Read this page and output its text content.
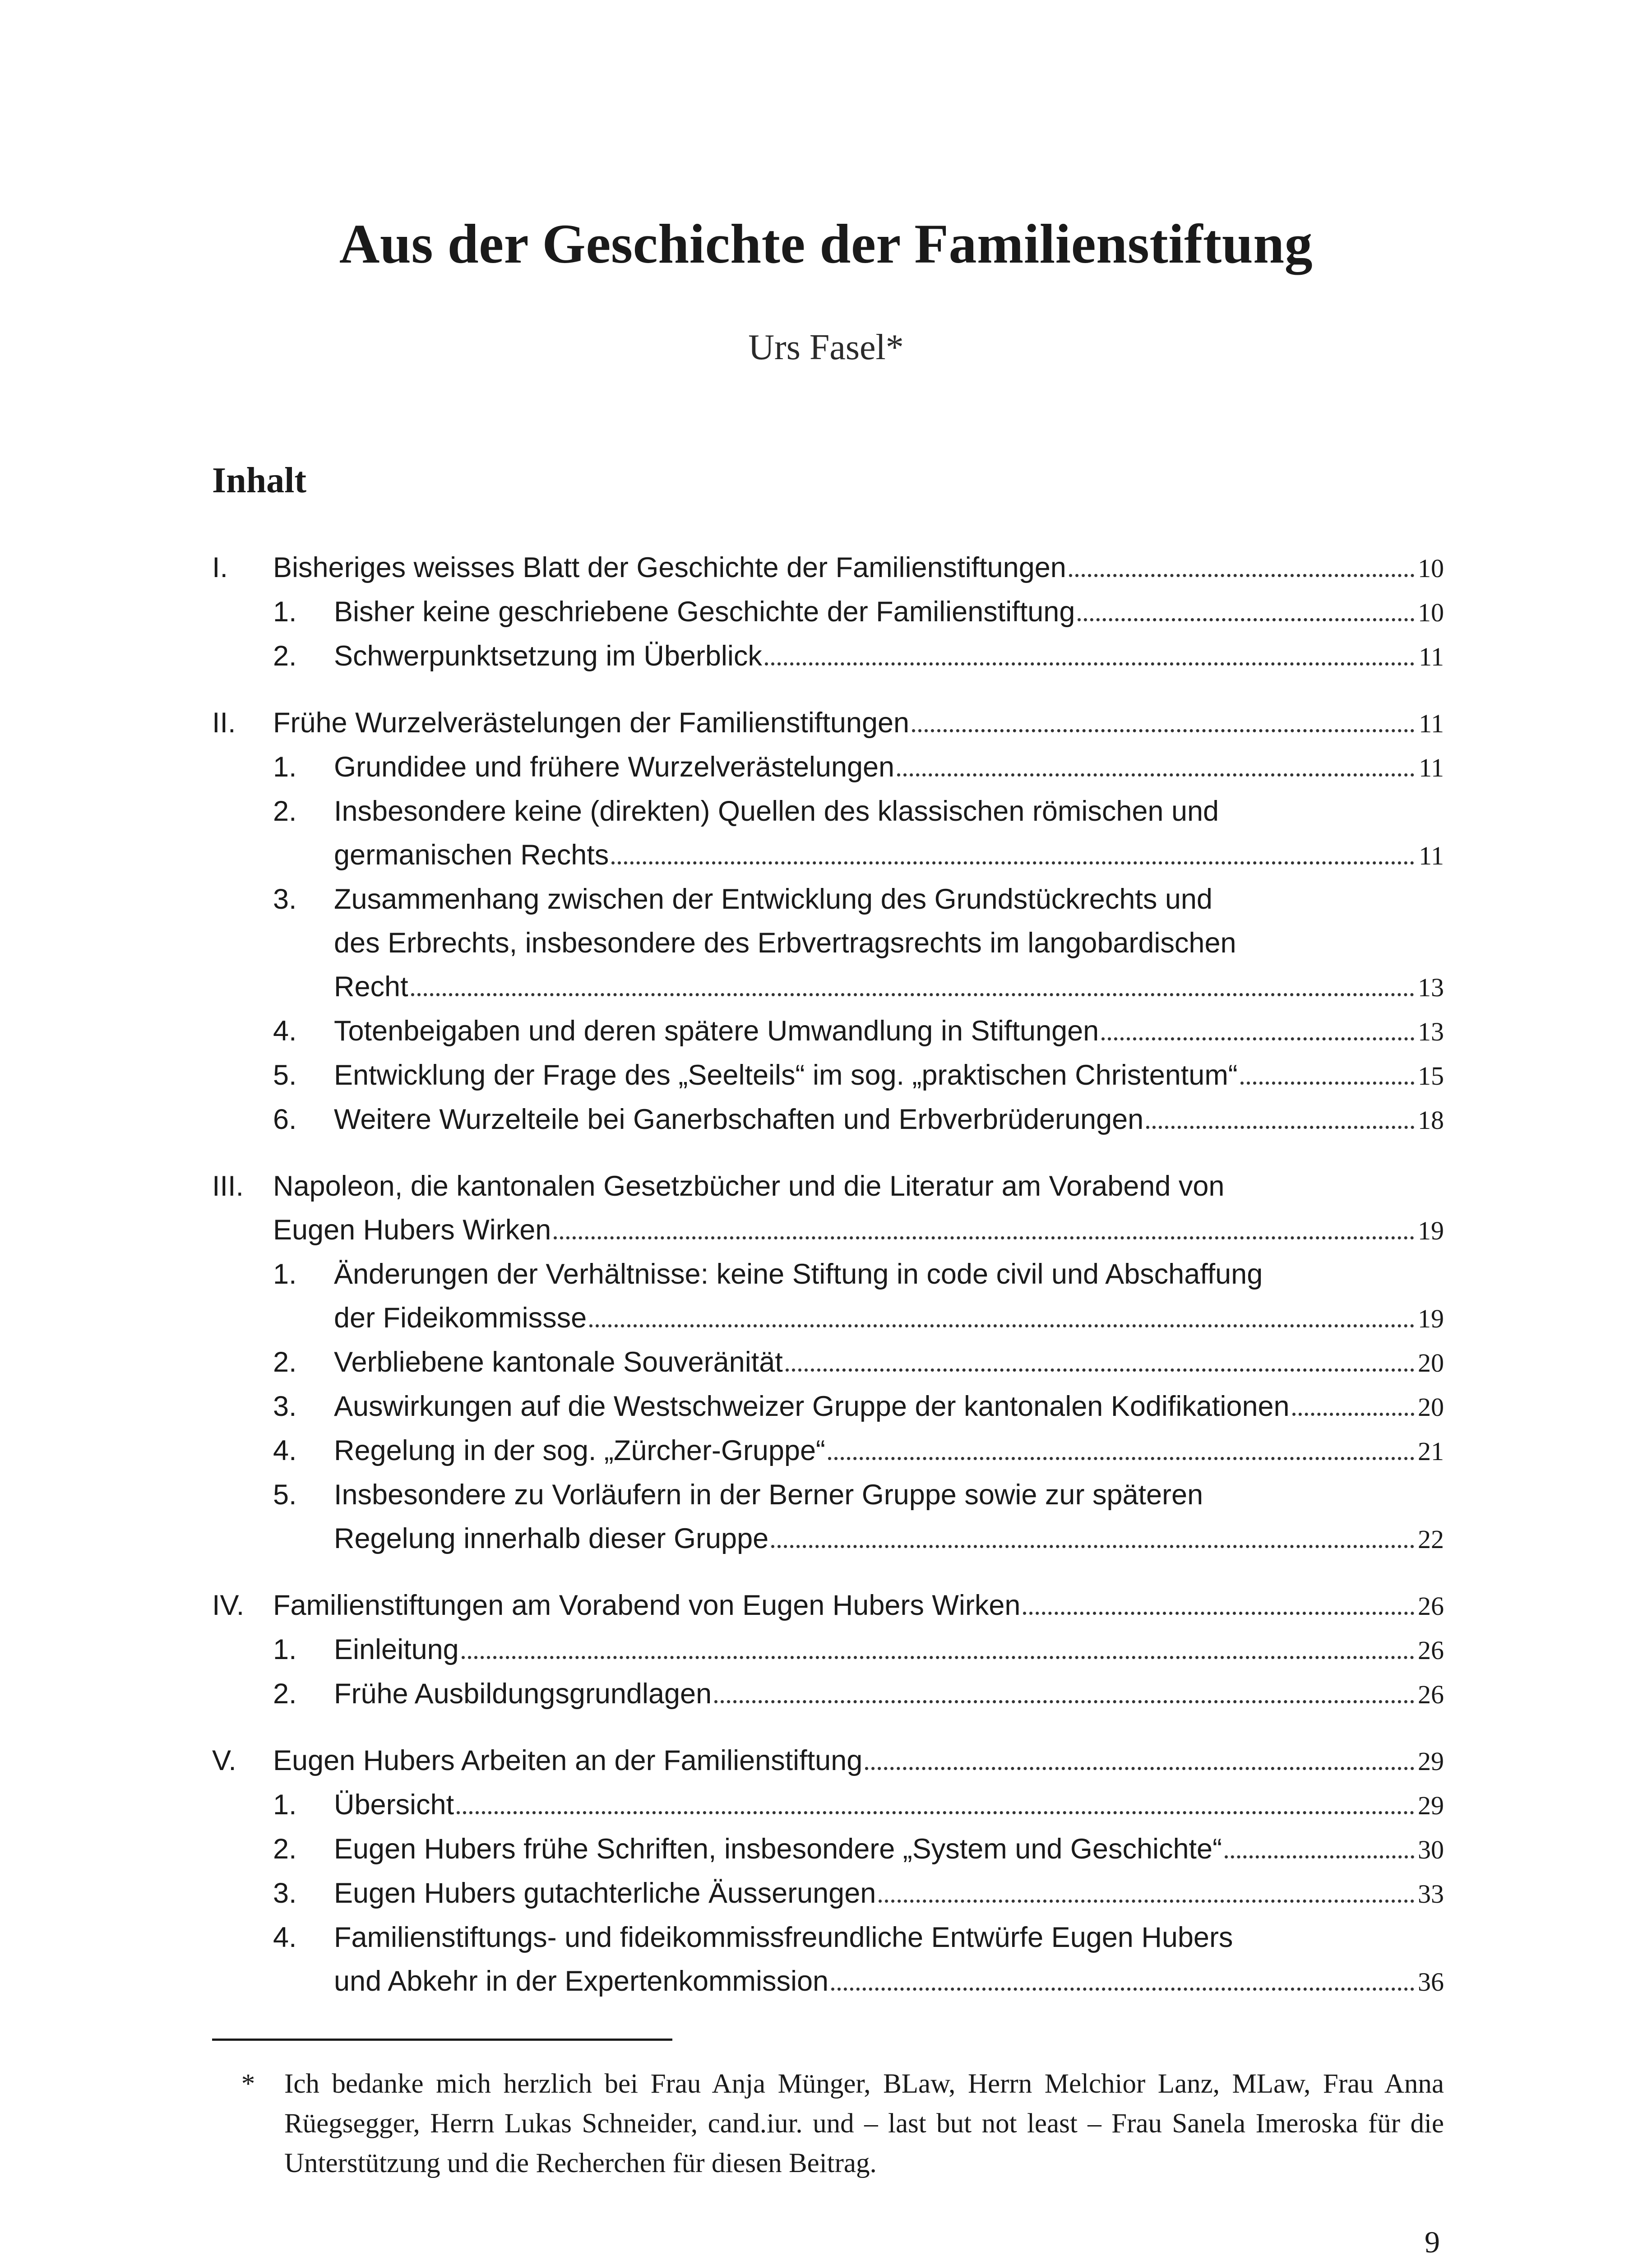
Aus der Geschichte der Familienstiftung
Urs Fasel*
Inhalt
I.	Bisheriges weisses Blatt der Geschichte der Familienstiftungen	10
1.	Bisher keine geschriebene Geschichte der Familienstiftung	10
2.	Schwerpunktsetzung im Überblick	11
II.	Frühe Wurzelverästelungen der Familienstiftungen	11
1.	Grundidee und frühere Wurzelverästelungen	11
2.	Insbesondere keine (direkten) Quellen des klassischen römischen und
germanischen Rechts	11
3.	Zusammenhang zwischen der Entwicklung des Grundstückrechts und
des Erbrechts, insbesondere des Erbvertragsrechts im langobardischen
Recht	13
4.	Totenbeigaben und deren spätere Umwandlung in Stiftungen	13
5.	Entwicklung der Frage des „Seelteils“ im sog. „praktischen Christentum“	15
6.	Weitere Wurzelteile bei Ganerbschaften und Erbverbrüderungen	18
III.	Napoleon, die kantonalen Gesetzbücher und die Literatur am Vorabend von
Eugen Hubers Wirken	19
1.	Änderungen der Verhältnisse: keine Stiftung in code civil und Abschaffung
der Fideikommissse	19
2.	Verbliebene kantonale Souveränität	20
3.	Auswirkungen auf die Westschweizer Gruppe der kantonalen Kodifikationen	20
4.	Regelung in der sog. „Zürcher-Gruppe“	21
5.	Insbesondere zu Vorläufern in der Berner Gruppe sowie zur späteren
Regelung innerhalb dieser Gruppe	22
IV.	Familienstiftungen am Vorabend von Eugen Hubers Wirken	26
1.	Einleitung	26
2.	Frühe Ausbildungsgrundlagen	26
V.	Eugen Hubers Arbeiten an der Familienstiftung	29
1.	Übersicht	29
2.	Eugen Hubers frühe Schriften, insbesondere „System und Geschichte“	30
3.	Eugen Hubers gutachterliche Äusserungen	33
4.	Familienstiftungs- und fideikommissfreundliche Entwürfe Eugen Hubers
und Abkehr in der Expertenkommission	36
*	Ich bedanke mich herzlich bei Frau Anja Münger, BLaw, Herrn Melchior Lanz, MLaw, Frau Anna Rüegsegger, Herrn Lukas Schneider, cand.iur. und – last but not least – Frau Sanela Imeroska für die Unterstützung und die Recherchen für diesen Beitrag.
9
